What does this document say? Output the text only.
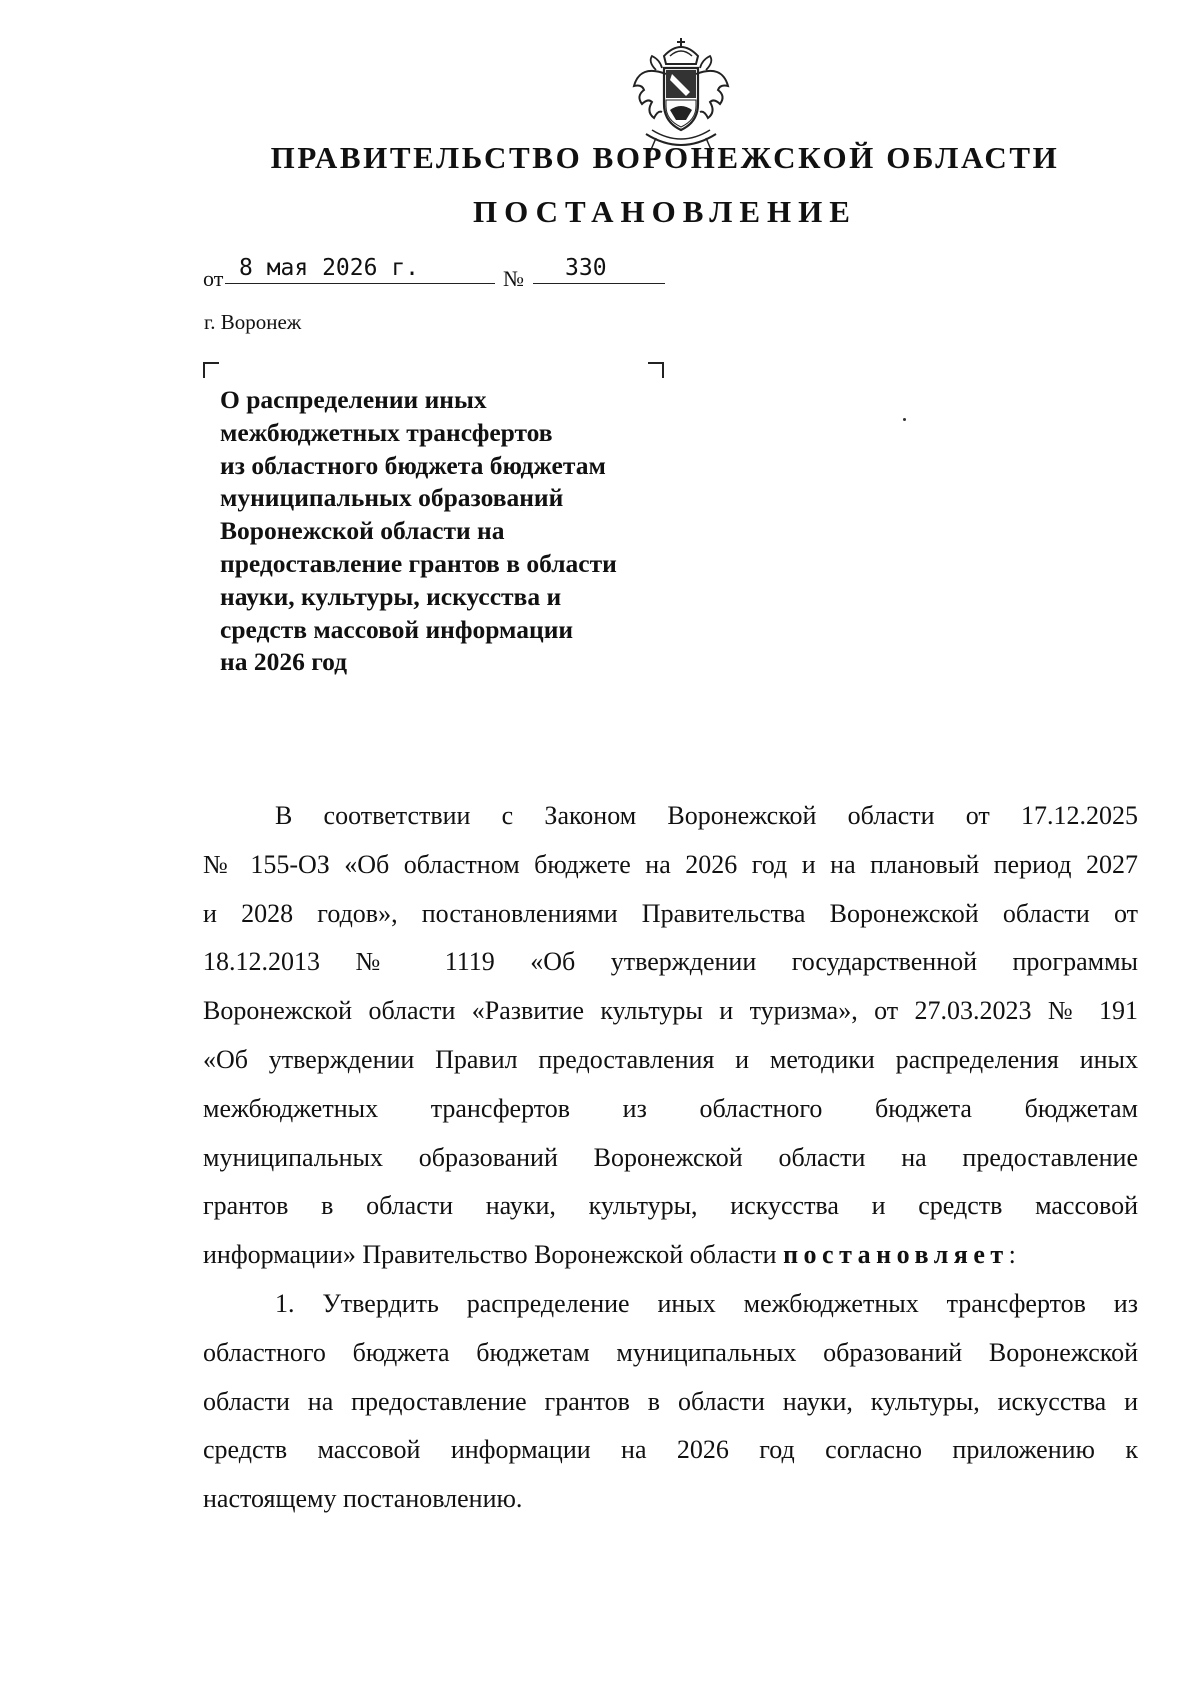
ПРАВИТЕЛЬСТВО ВОРОНЕЖСКОЙ ОБЛАСТИ
ПОСТАНОВЛЕНИЕ
от 8 мая 2026 г.	№	330
г. Воронеж
О распределении иных
межбюджетных трансфертов
из областного бюджета бюджетам
муниципальных образований
Воронежской области на
предоставление грантов в области
науки, культуры, искусства и
средств массовой информации
на 2026 год
В соответствии с Законом Воронежской области от 17.12.2025
№ 155-ОЗ «Об областном бюджете на 2026 год и на плановый период 2027
и 2028 годов», постановлениями Правительства Воронежской области от
18.12.2013 № 1119 «Об утверждении государственной программы
Воронежской области «Развитие культуры и туризма», от 27.03.2023 № 191
«Об утверждении Правил предоставления и методики распределения иных
межбюджетных трансфертов из областного бюджета бюджетам
муниципальных образований Воронежской области на предоставление
грантов в области науки, культуры, искусства и средств массовой
информации» Правительство Воронежской области постановляет:
1. Утвердить распределение иных межбюджетных трансфертов из
областного бюджета бюджетам муниципальных образований Воронежской
области на предоставление грантов в области науки, культуры, искусства и
средств массовой информации на 2026 год согласно приложению к
настоящему постановлению.
